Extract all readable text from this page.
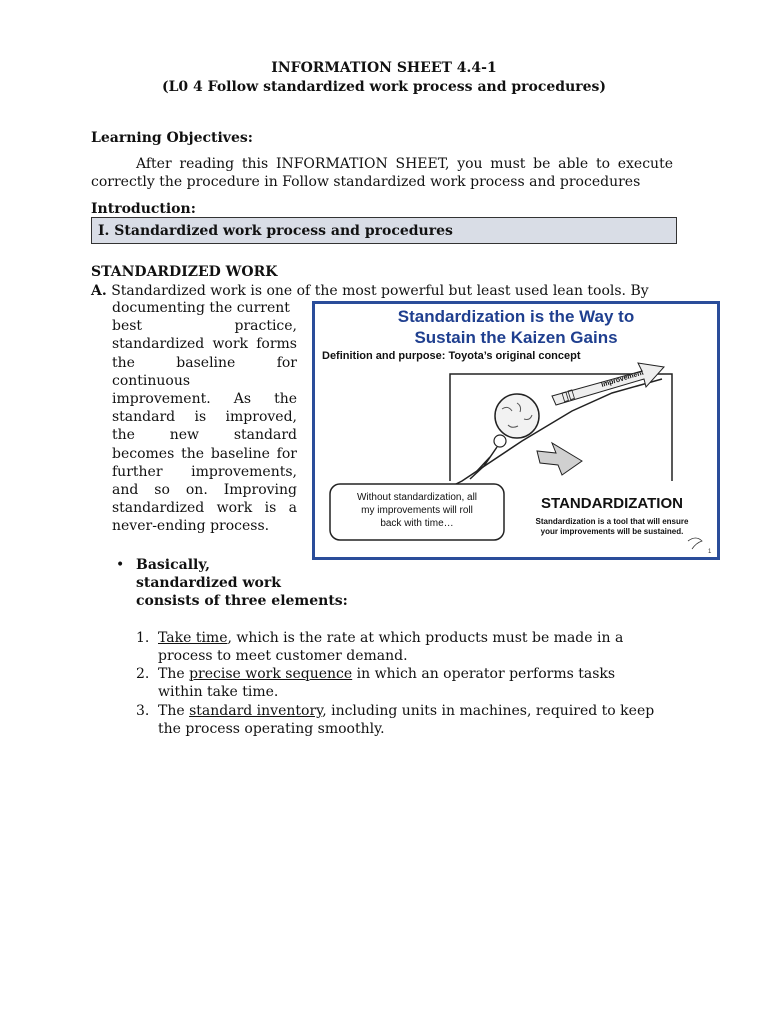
INFORMATION SHEET 4.4-1
(L0 4 Follow standardized work process and procedures)
Learning Objectives:
After reading this INFORMATION SHEET, you must be able to execute correctly the procedure in Follow standardized work process and procedures
Introduction:
I. Standardized work process and procedures
STANDARDIZED WORK
A. Standardized work is one of the most powerful but least used lean tools. By
documenting the current
best practice,
standardized work forms
the baseline for
continuous
improvement. As the
standard is improved,
the new standard
becomes the baseline for
further improvements,
and so on. Improving
standardized work is a
never-ending process.
Standardization is the Way to
Sustain the Kaizen Gains
Definition and purpose: Toyota’s original concept
Improvement
Without standardization, all
my improvements will roll
back with time…
STANDARDIZATION
Standardization is a tool that will ensure
your improvements will be sustained.
1
• Basically,
standardized work
consists of three elements:
1. Take time, which is the rate at which products must be made in a
process to meet customer demand.
2. The precise work sequence in which an operator performs tasks
within take time.
3. The standard inventory, including units in machines, required to keep
the process operating smoothly.
